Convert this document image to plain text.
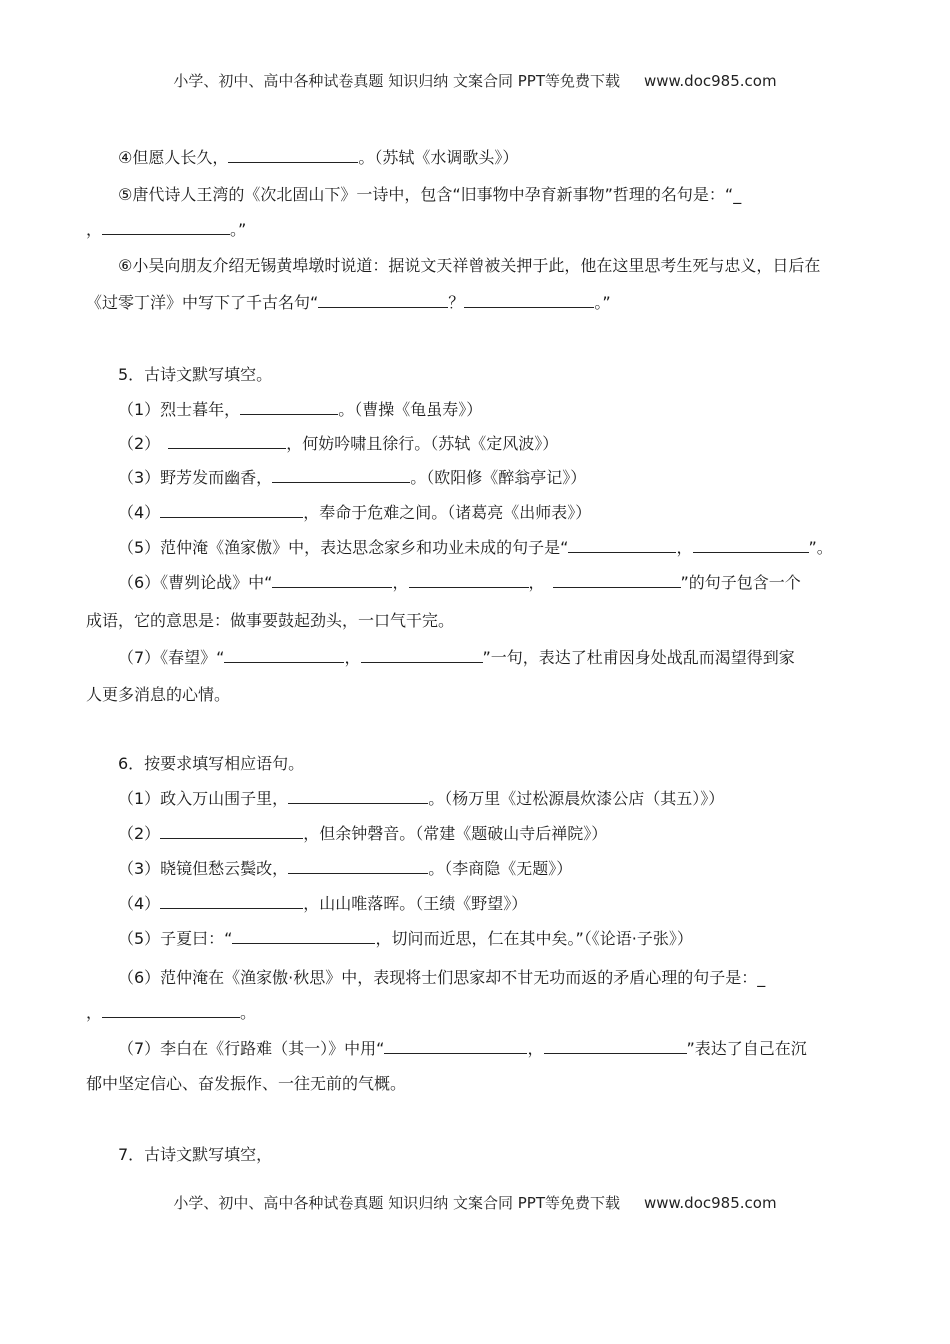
小学、初中、高中各种试卷真题 知识归纳 文案合同 PPT等免费下载 www.doc985.com
④但愿人长久，	。（苏轼《水调歌头》）
⑤唐代诗人王湾的《次北固山下》一诗中，包含“旧事物中孕育新事物”哲理的名句是：“_
，	。”
⑥小吴向朋友介绍无锡黄埠墩时说道：据说文天祥曾被关押于此，他在这里思考生死与忠义，日后在
《过零丁洋》中写下了千古名句“	？	。”
5．古诗文默写填空。
（1）烈士暮年，	。（曹操《龟虽寿》）
（2）	，何妨吟啸且徐行。（苏轼《定风波》）
（3）野芳发而幽香，	。（欧阳修《醉翁亭记》）
（4）	，奉命于危难之间。（诸葛亮《出师表》）
（5）范仲淹《渔家傲》中，表达思念家乡和功业未成的句子是“	，	”。
（6）《曹刿论战》中“	，	，	”的句子包含一个
成语，它的意思是：做事要鼓起劲头，一口气干完。
（7）《春望》“	，	”一句，表达了杜甫因身处战乱而渴望得到家
人更多消息的心情。
6．按要求填写相应语句。
（1）政入万山围子里，	。（杨万里《过松源晨炊漆公店（其五）》）
（2）	，但余钟磬音。（常建《题破山寺后禅院》）
（3）晓镜但愁云鬓改，	。（李商隐《无题》）
（4）	，山山唯落晖。（王绩《野望》）
（5）子夏曰：“	，切问而近思，仁在其中矣。”（《论语·子张》）
（6）范仲淹在《渔家傲·秋思》中，表现将士们思家却不甘无功而返的矛盾心理的句子是：_
，	。
（7）李白在《行路难（其一）》中用“	，	”表达了自己在沉
郁中坚定信心、奋发振作、一往无前的气概。
7．古诗文默写填空，
小学、初中、高中各种试卷真题 知识归纳 文案合同 PPT等免费下载 www.doc985.com
